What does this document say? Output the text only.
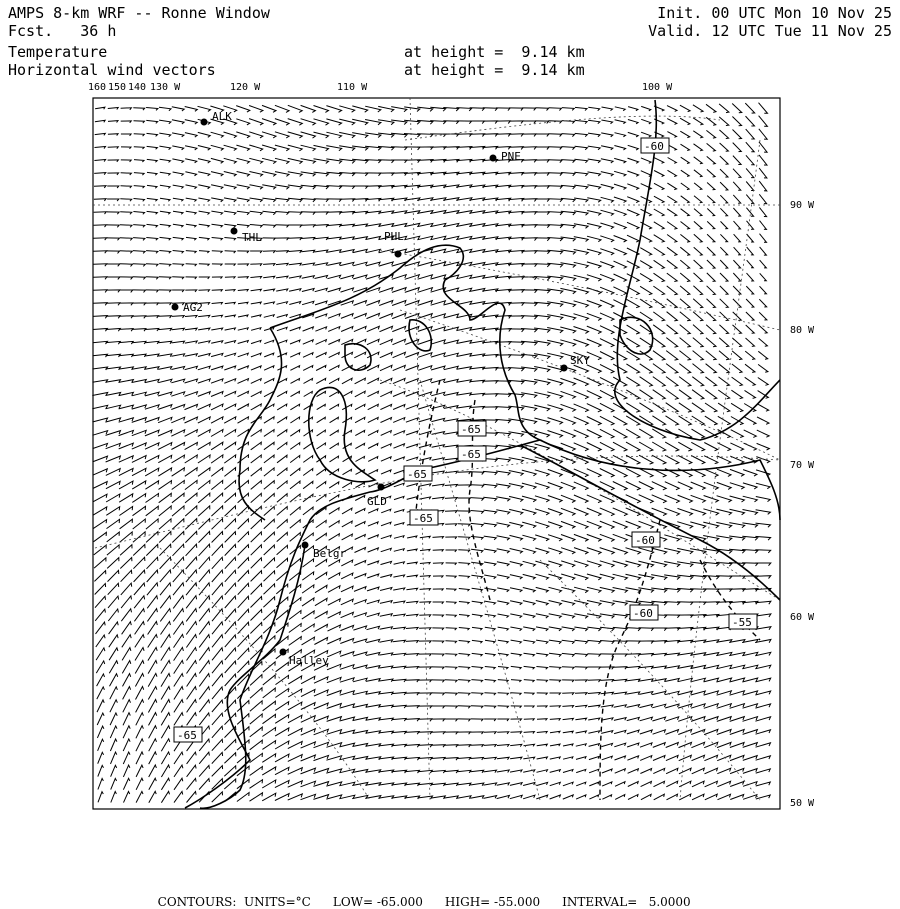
AMPS 8-km WRF -- Ronne Window
Fcst.   36 h
Temperature
Horizontal wind vectors
Init. 00 UTC Mon 10 Nov 25
Valid. 12 UTC Tue 11 Nov 25
at height =  9.14 km
at height =  9.14 km
-60
-65
-65
-65
-65
-60
-60
-55
-65
ALK
PNE
THL	PHL
AG2
SKY
GLD
Belgr
Halley
160 150 140 130 W	120 W	110 W	100 W
90 W
80 W
70 W
60 W
50 W

CONTOURS:  UNITS=°C LOW= -65.000 HIGH= -55.000 INTERVAL=   5.0000
